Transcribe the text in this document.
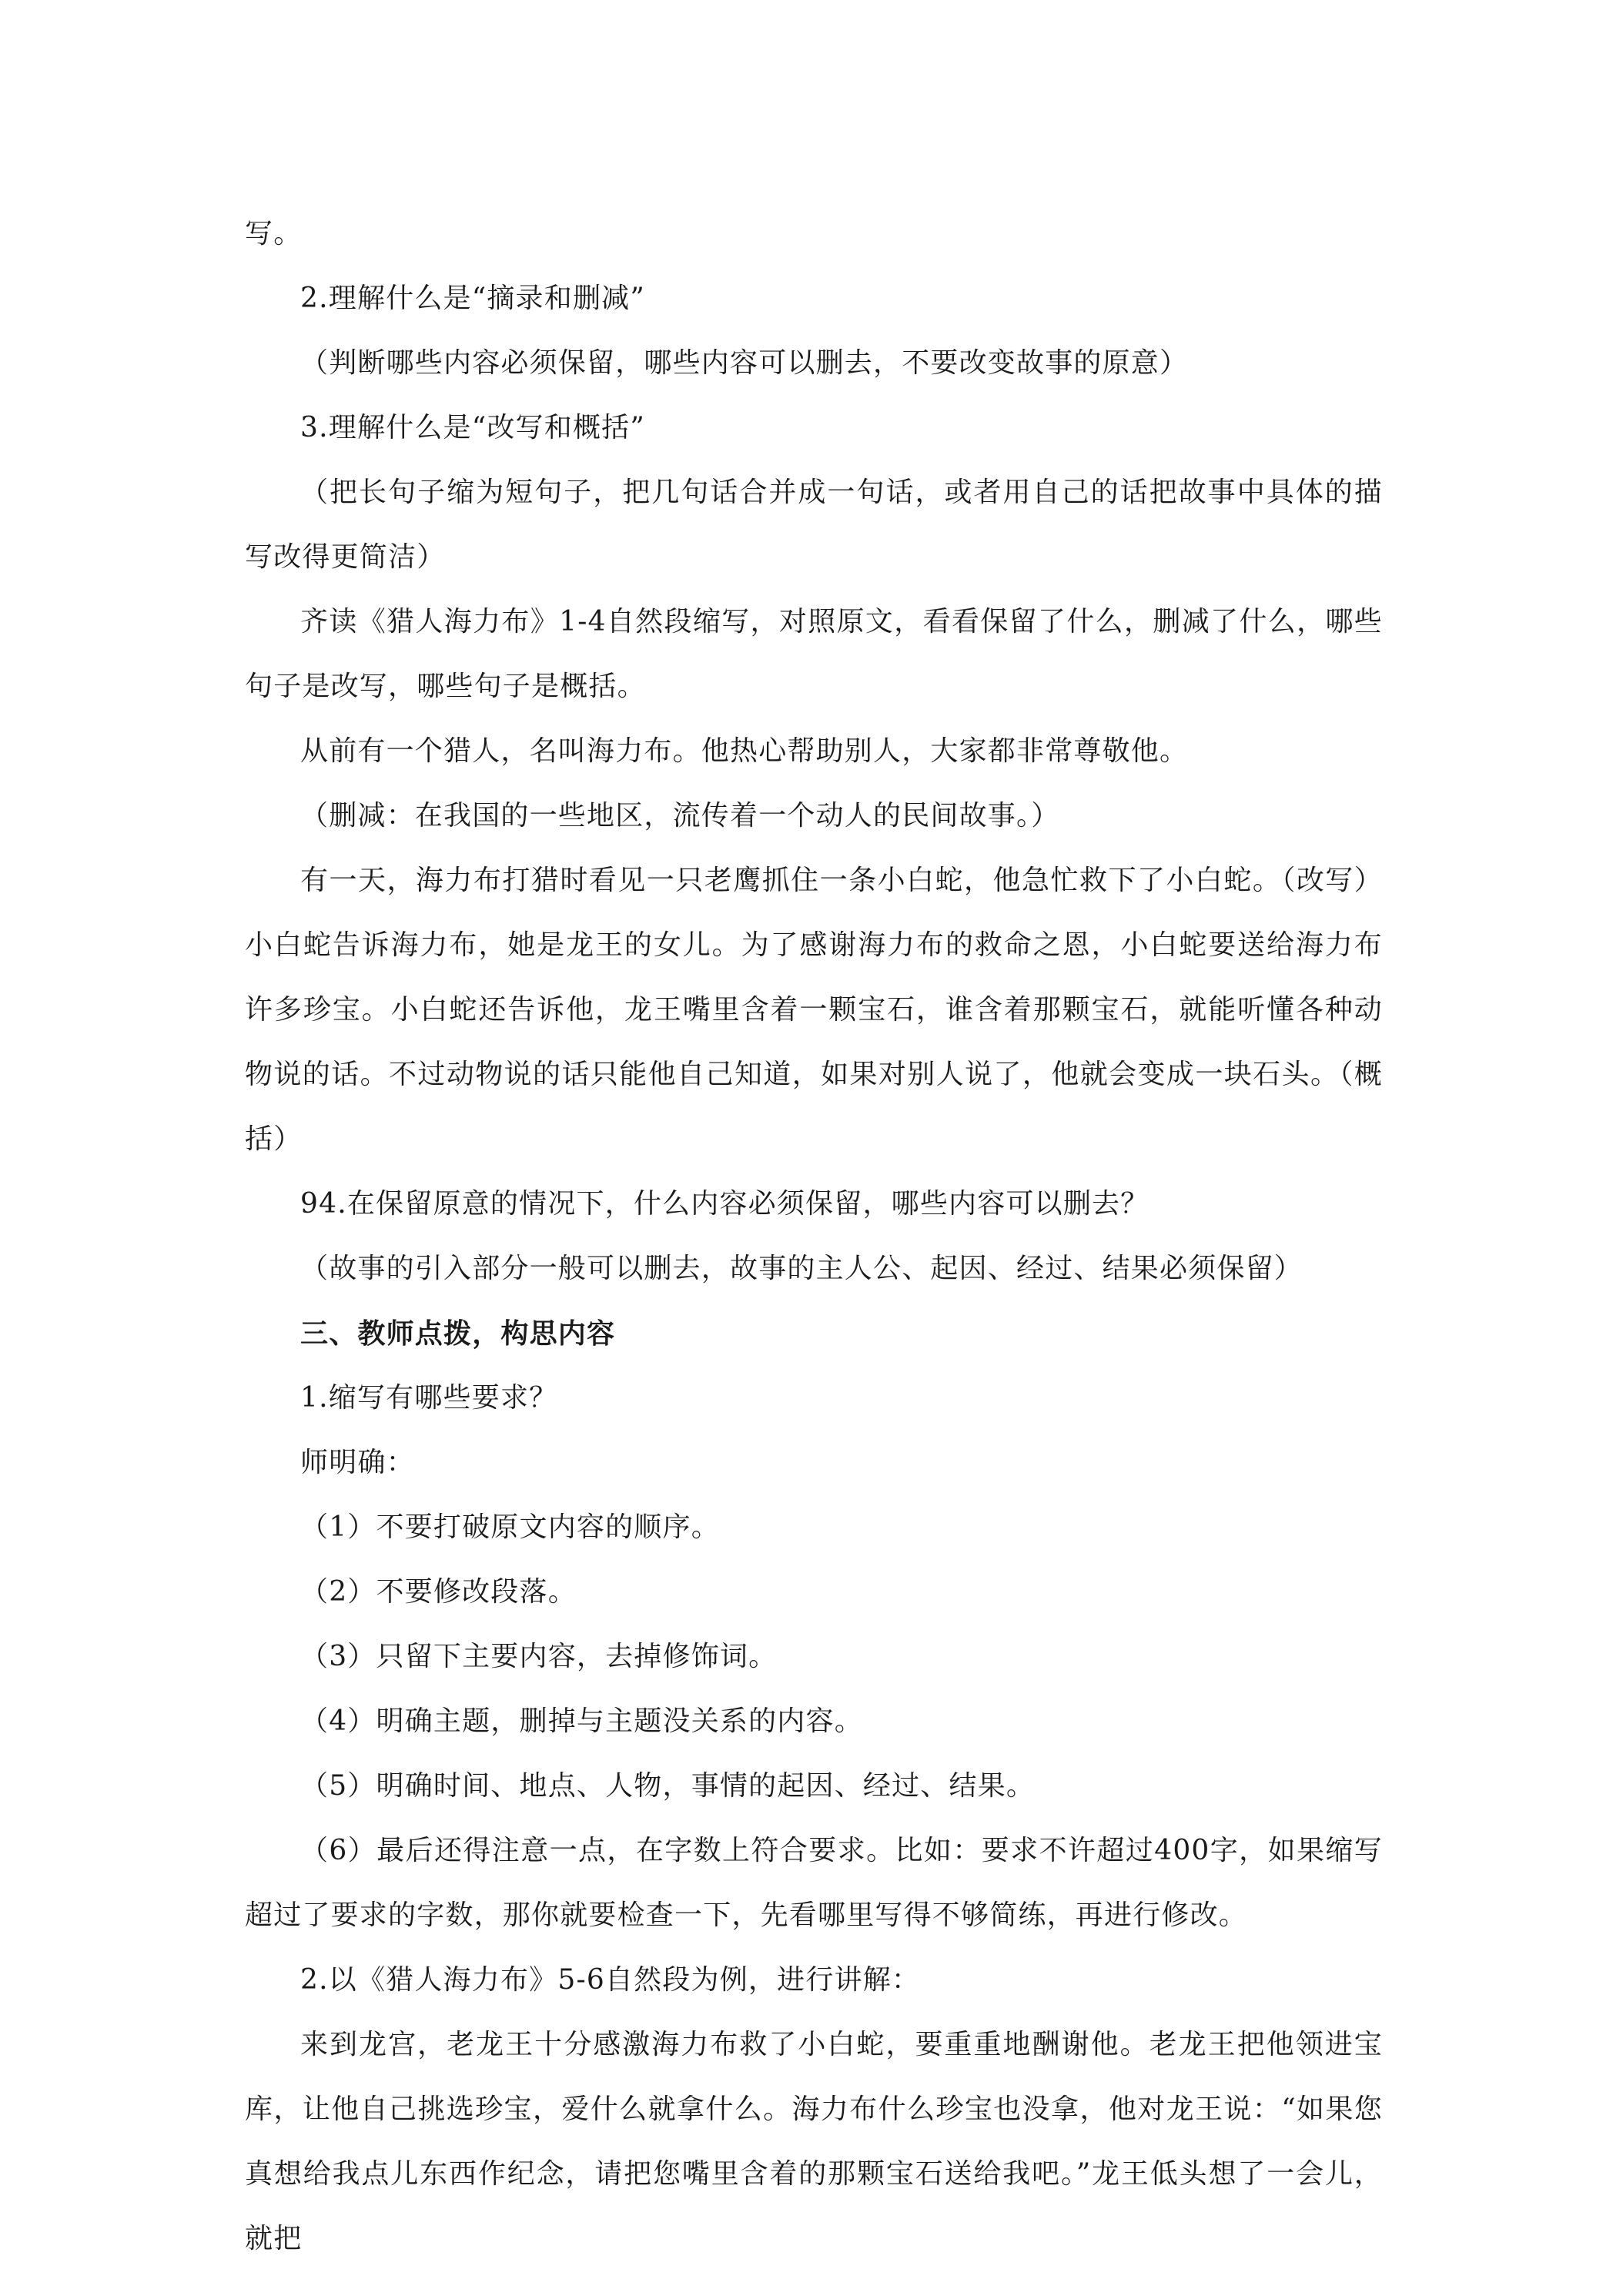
写。
2.理解什么是“摘录和删减”
（判断哪些内容必须保留，哪些内容可以删去，不要改变故事的原意）
3.理解什么是“改写和概括”
（把长句子缩为短句子，把几句话合并成一句话，或者用自己的话把故事中具体的描写改得更简洁）
齐读《猎人海力布》1-4自然段缩写，对照原文，看看保留了什么，删减了什么，哪些句子是改写，哪些句子是概括。
从前有一个猎人，名叫海力布。他热心帮助别人，大家都非常尊敬他。
（删减：在我国的一些地区，流传着一个动人的民间故事。）
有一天，海力布打猎时看见一只老鹰抓住一条小白蛇，他急忙救下了小白蛇。（改写）小白蛇告诉海力布，她是龙王的女儿。为了感谢海力布的救命之恩，小白蛇要送给海力布许多珍宝。小白蛇还告诉他，龙王嘴里含着一颗宝石，谁含着那颗宝石，就能听懂各种动物说的话。不过动物说的话只能他自己知道，如果对别人说了，他就会变成一块石头。（概括）
94.在保留原意的情况下，什么内容必须保留，哪些内容可以删去？
（故事的引入部分一般可以删去，故事的主人公、起因、经过、结果必须保留）
三、教师点拨，构思内容
1.缩写有哪些要求？
师明确：
（1）不要打破原文内容的顺序。
（2）不要修改段落。
（3）只留下主要内容，去掉修饰词。
（4）明确主题，删掉与主题没关系的内容。
（5）明确时间、地点、人物，事情的起因、经过、结果。
（6）最后还得注意一点，在字数上符合要求。比如：要求不许超过400字，如果缩写超过了要求的字数，那你就要检查一下，先看哪里写得不够简练，再进行修改。
2.以《猎人海力布》5-6自然段为例，进行讲解：
来到龙宫，老龙王十分感激海力布救了小白蛇，要重重地酬谢他。老龙王把他领进宝库，让他自己挑选珍宝，爱什么就拿什么。海力布什么珍宝也没拿，他对龙王说：“如果您真想给我点儿东西作纪念，请把您嘴里含着的那颗宝石送给我吧。”龙王低头想了一会儿，就把
